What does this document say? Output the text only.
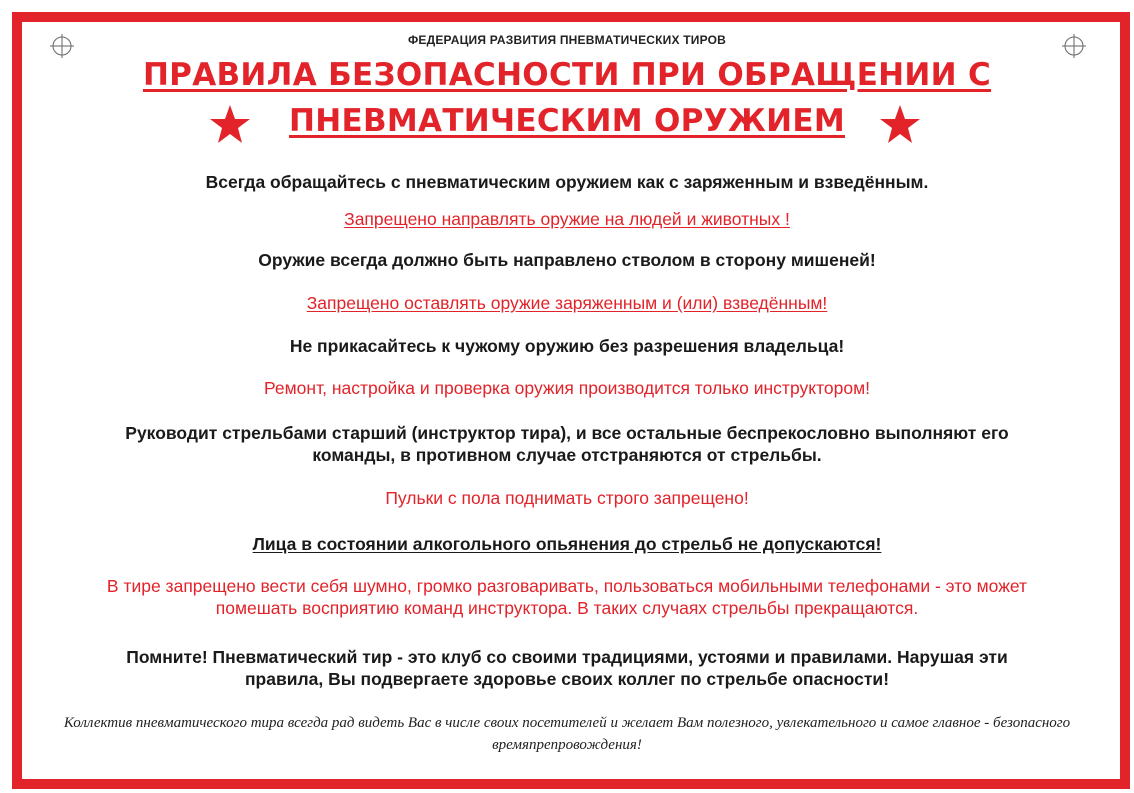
ФЕДЕРАЦИЯ РАЗВИТИЯ ПНЕВМАТИЧЕСКИХ ТИРОВ
ПРАВИЛА БЕЗОПАСНОСТИ ПРИ ОБРАЩЕНИИ С
ПНЕВМАТИЧЕСКИМ ОРУЖИЕМ
Всегда обращайтесь с пневматическим оружием как с заряженным и взведённым.
Запрещено направлять оружие на людей и животных !
Оружие всегда должно быть направлено стволом в сторону мишеней!
Запрещено оставлять оружие заряженным и (или) взведённым!
Не прикасайтесь к чужому оружию без разрешения владельца!
Ремонт, настройка и проверка оружия производится только инструктором!
Руководит стрельбами старший (инструктор тира), и все остальные беспрекословно выполняют его команды, в противном случае отстраняются от стрельбы.
Пульки с пола поднимать строго запрещено!
Лица в состоянии алкогольного опьянения до стрельб не допускаются!
В тире запрещено вести себя шумно, громко разговаривать, пользоваться мобильными телефонами - это может помешать восприятию команд инструктора. В таких случаях стрельбы прекращаются.
Помните! Пневматический тир - это клуб со своими традициями, устоями и правилами. Нарушая эти правила, Вы подвергаете здоровье своих коллег по стрельбе опасности!
Коллектив пневматического тира всегда рад видеть Вас в числе своих посетителей и желает Вам полезного, увлекательного и самое главное - безопасного времяпрепровождения!
